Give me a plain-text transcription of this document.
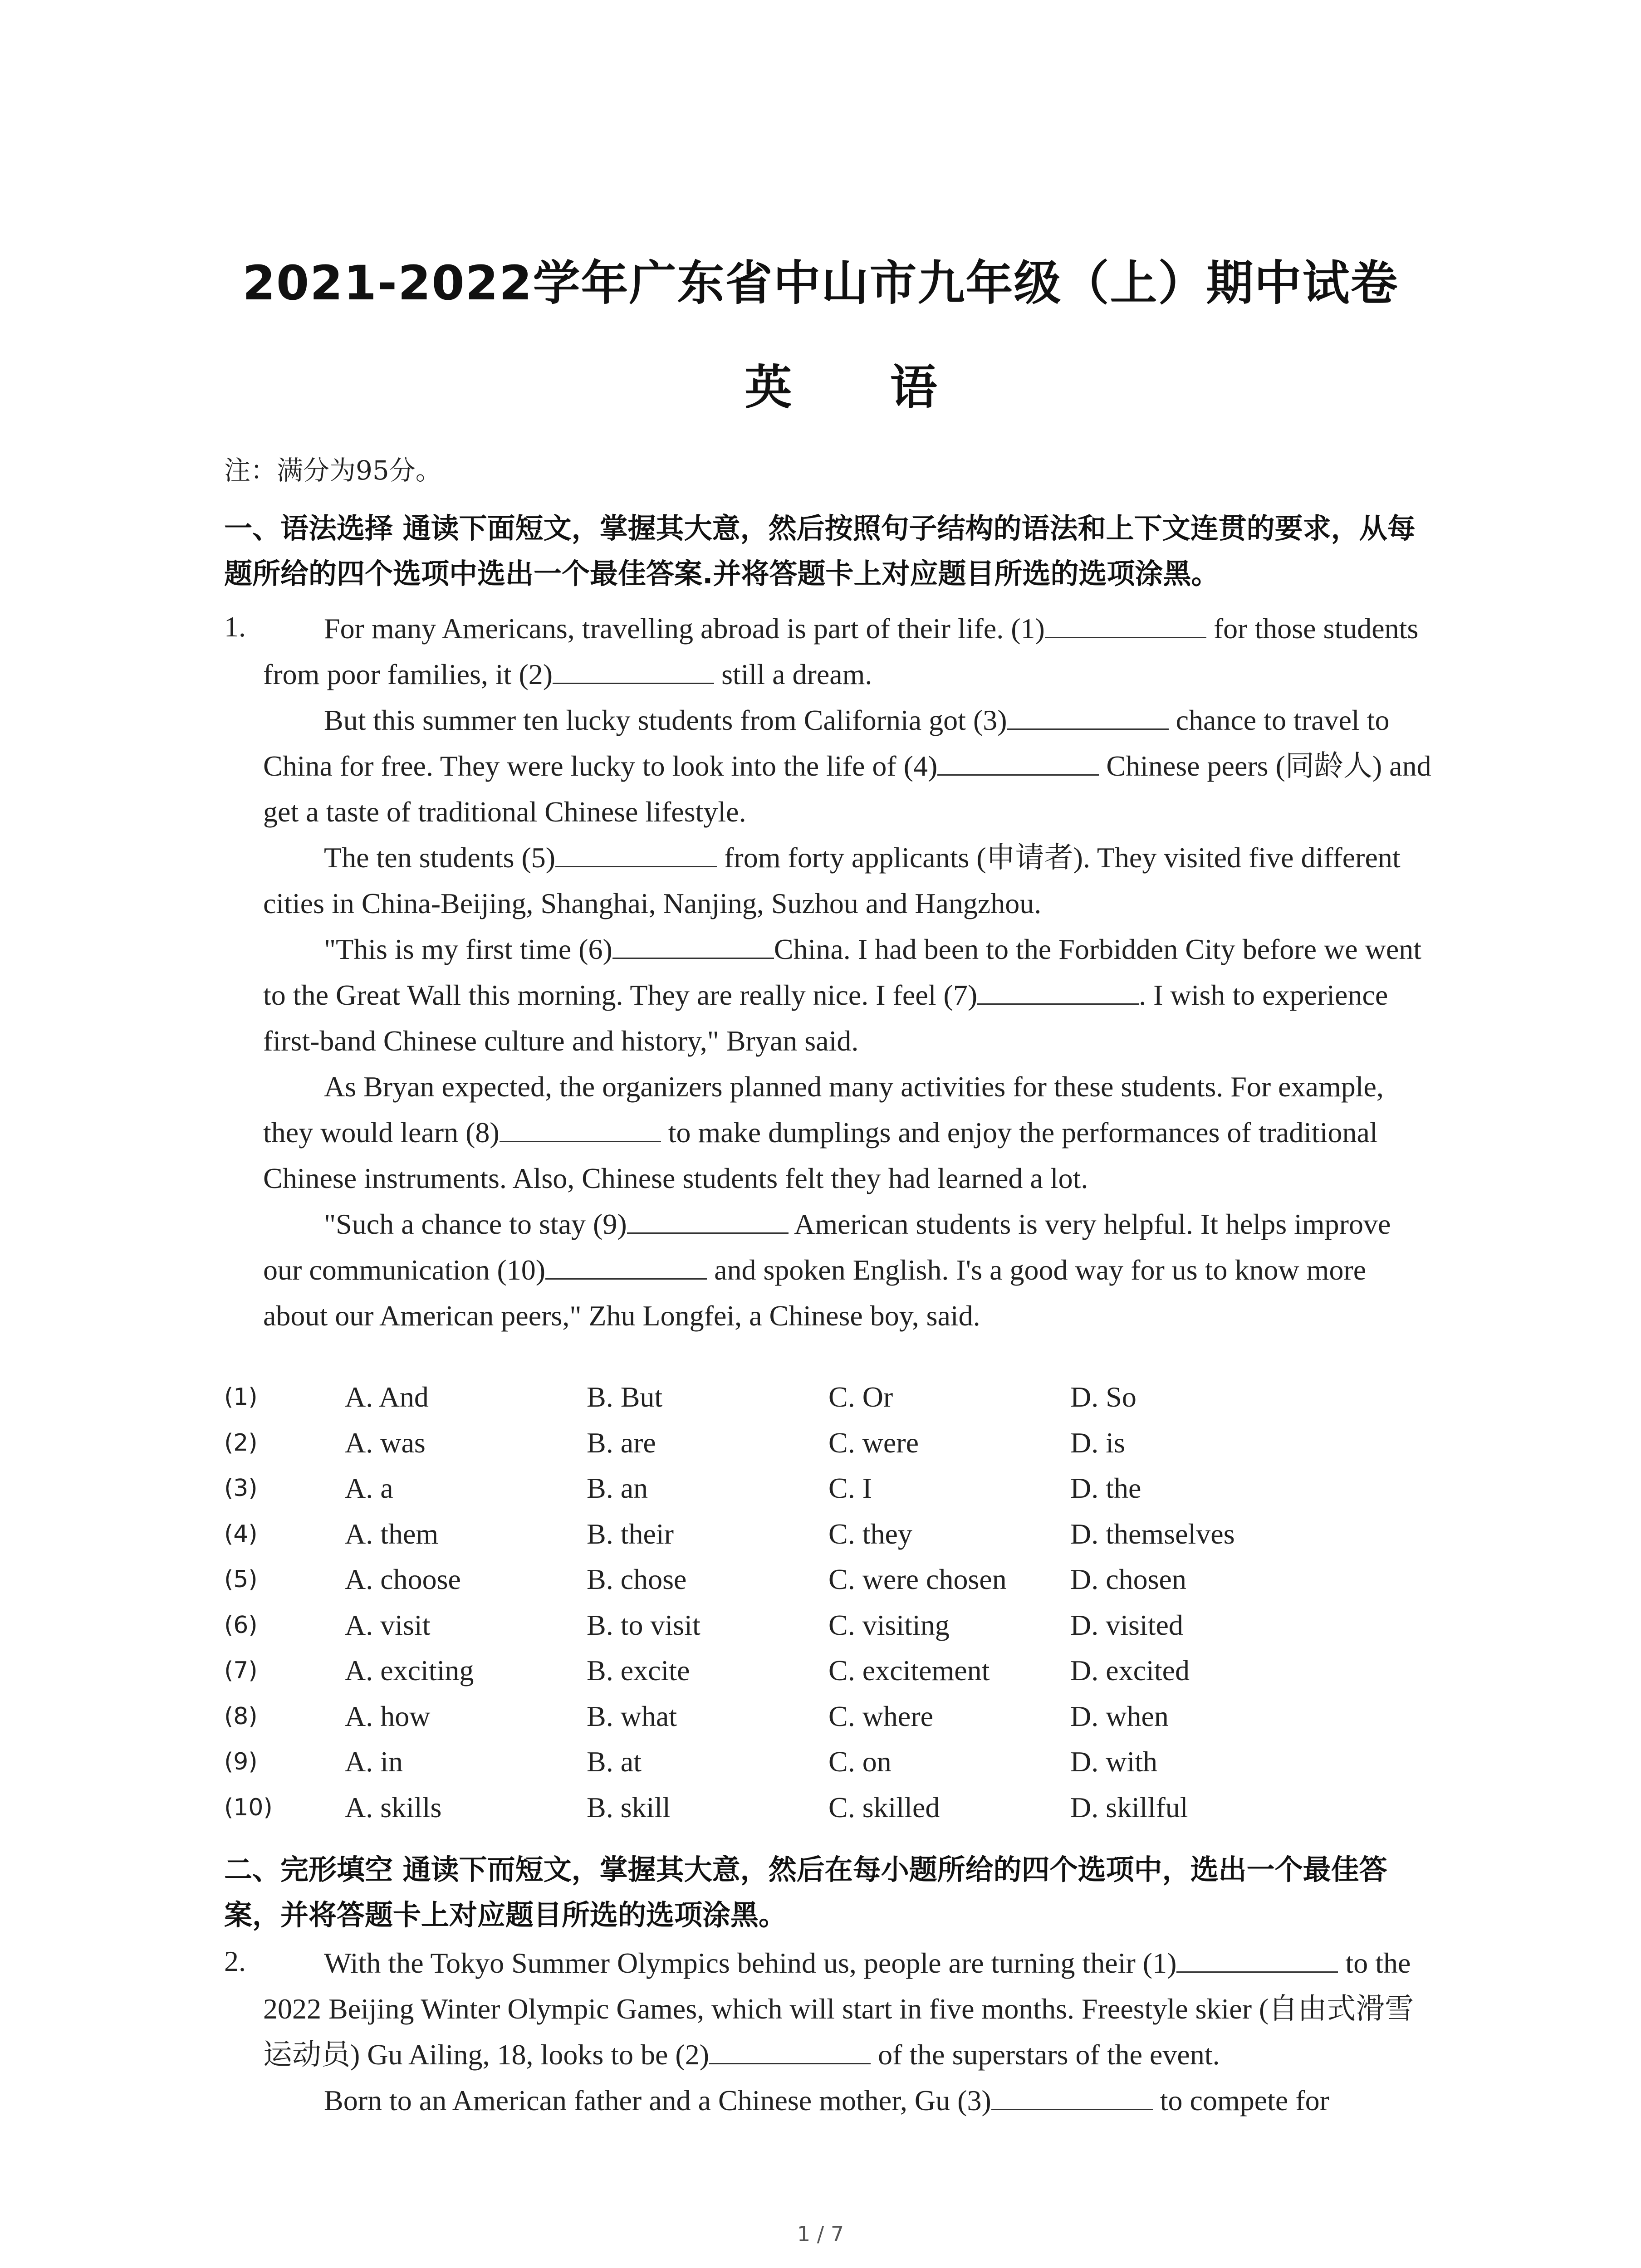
2021-2022学年广东省中山市九年级（上）期中试卷
英 语
注：满分为95分。
一、语法选择 通读下面短文，掌握其大意，然后按照句子结构的语法和上下文连贯的要求，从每题所给的四个选项中选出一个最佳答案.并将答题卡上对应题目所选的选项涂黑。
1.	For many Americans, travelling abroad is part of their life. (1)	for those students from poor families, it (2)	still a dream.

But this summer ten lucky students from California got (3)	chance to travel to China for free. They were lucky to look into the life of (4)	Chinese peers (同龄人) and get a taste of traditional Chinese lifestyle.

The ten students (5)	from forty applicants (申请者). They visited five different cities in China-Beijing, Shanghai, Nanjing, Suzhou and Hangzhou.

"This is my first time (6)	China. I had been to the Forbidden City before we went to the Great Wall this morning. They are really nice. I feel (7)	. I wish to experience first-band Chinese culture and history," Bryan said.

As Bryan expected, the organizers planned many activities for these students. For example, they would learn (8)	to make dumplings and enjoy the performances of traditional Chinese instruments. Also, Chinese students felt they had learned a lot.

"Such a chance to stay (9)	American students is very helpful. It helps improve our communication (10)	and spoken English. I's a good way for us to know more about our American peers," Zhu Longfei, a Chinese boy, said.

(1)	A. And	B. But	C. Or	D. So
(2)	A. was	B. are	C. were	D. is
(3)	A. a	B. an	C. I	D. the
(4)	A. them	B. their	C. they	D. themselves
(5)	A. choose	B. chose	C. were chosen D. chosen
(6)	A. visit	B. to visit	C. visiting	D. visited
(7)	A. exciting	B. excite	C. excitement	D. excited
(8)	A. how	B. what	C. where	D. when
(9)	A. in	B. at	C. on	D. with
(10) A. skills	B. skill	C. skilled	D. skillful
二、完形填空 通读下而短文，掌握其大意，然后在每小题所给的四个选项中，选出一个最佳答案，并将答题卡上对应题目所选的选项涂黑。
2.	With the Tokyo Summer Olympics behind us, people are turning their (1)	to the 2022 Beijing Winter Olympic Games, which will start in five months. Freestyle skier (自由式滑雪运动员) Gu Ailing, 18, looks to be (2)	of the superstars of the event.

Born to an American father and a Chinese mother, Gu (3)	to compete for

1 / 7
